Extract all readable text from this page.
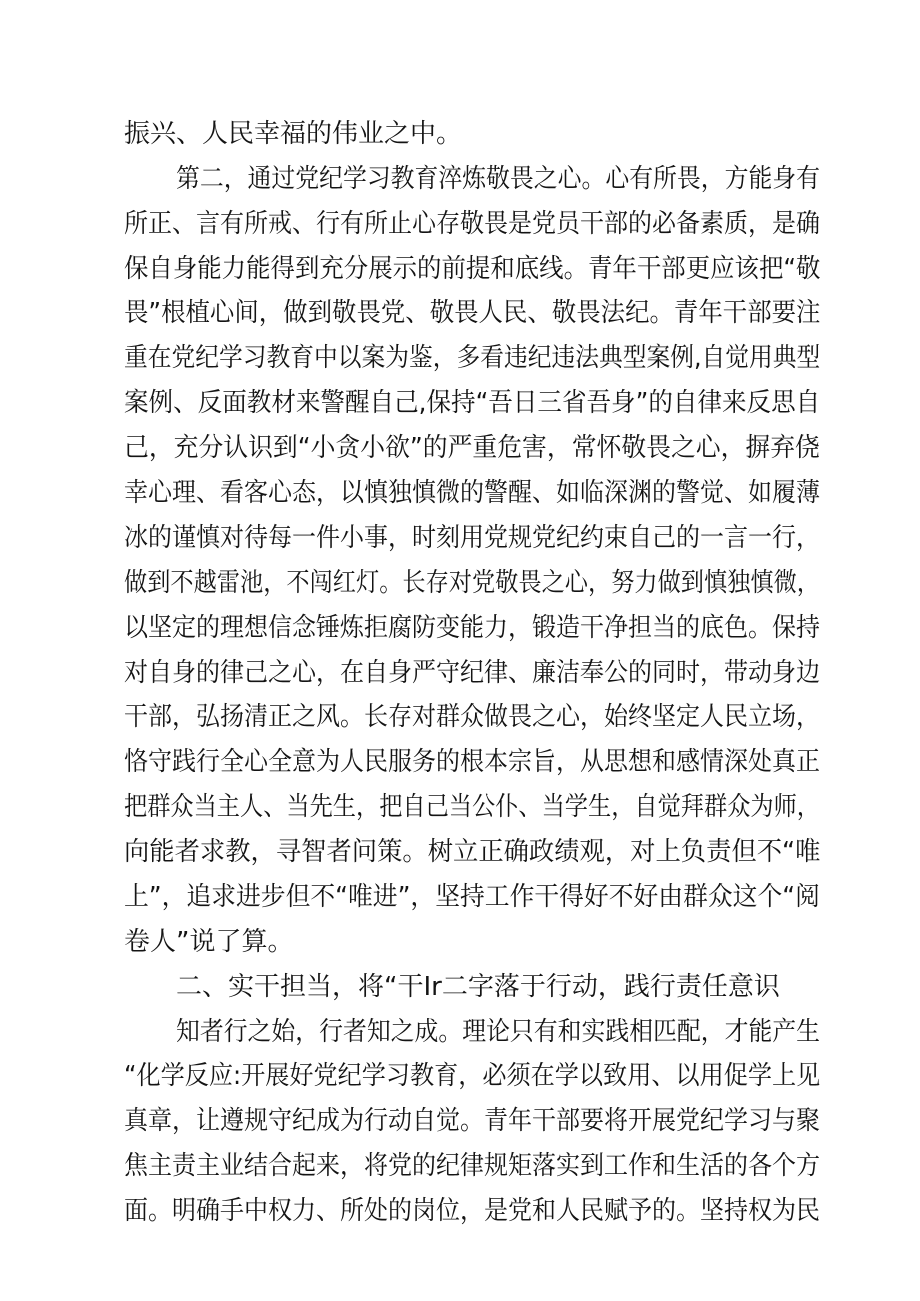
振兴、人民幸福的伟业之中。
第二，通过党纪学习教育淬炼敬畏之心。心有所畏，方能身有
所正、言有所戒、行有所止心存敬畏是党员干部的必备素质，是确
保自身能力能得到充分展示的前提和底线。青年干部更应该把“敬
畏”根植心间，做到敬畏党、敬畏人民、敬畏法纪。青年干部要注
重在党纪学习教育中以案为鉴，多看违纪违法典型案例,自觉用典型
案例、反面教材来警醒自己,保持“吾日三省吾身”的自律来反思自
己，充分认识到“小贪小欲”的严重危害，常怀敬畏之心，摒弃侥
幸心理、看客心态，以慎独慎微的警醒、如临深渊的警觉、如履薄
冰的谨慎对待每一件小事，时刻用党规党纪约束自己的一言一行，
做到不越雷池，不闯红灯。长存对党敬畏之心，努力做到慎独慎微，
以坚定的理想信念锤炼拒腐防变能力，锻造干净担当的底色。保持
对自身的律己之心，在自身严守纪律、廉洁奉公的同时，带动身边
干部，弘扬清正之风。长存对群众做畏之心，始终坚定人民立场，
恪守践行全心全意为人民服务的根本宗旨，从思想和感情深处真正
把群众当主人、当先生，把自己当公仆、当学生，自觉拜群众为师，
向能者求教，寻智者问策。树立正确政绩观，对上负责但不“唯
上”，追求进步但不“唯进”，坚持工作干得好不好由群众这个“阅
卷人”说了算。
二、实干担当，将“干Ir二字落于行动，践行责任意识
知者行之始，行者知之成。理论只有和实践相匹配，才能产生
“化学反应:开展好党纪学习教育，必须在学以致用、以用促学上见
真章，让遵规守纪成为行动自觉。青年干部要将开展党纪学习与聚
焦主责主业结合起来，将党的纪律规矩落实到工作和生活的各个方
面。明确手中权力、所处的岗位，是党和人民赋予的。坚持权为民
